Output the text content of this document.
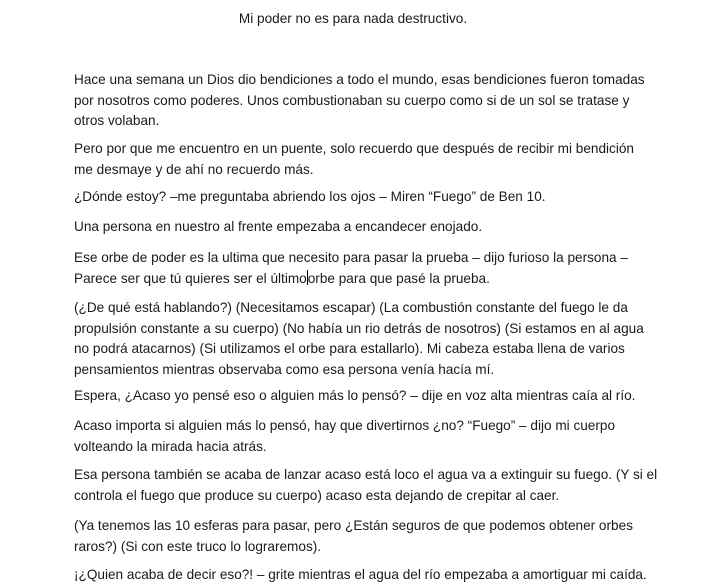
Mi poder no es para nada destructivo.

Hace una semana un Dios dio bendiciones a todo el mundo, esas bendiciones fueron tomadas
por nosotros como poderes. Unos combustionaban su cuerpo como si de un sol se tratase y
otros volaban.

Pero por que me encuentro en un puente, solo recuerdo que después de recibir mi bendición
me desmaye y de ahí no recuerdo más.

¿Dónde estoy? –me preguntaba abriendo los ojos – Miren “Fuego” de Ben 10.

Una persona en nuestro al frente empezaba a encandecer enojado.

Ese orbe de poder es la ultima que necesito para pasar la prueba – dijo furioso la persona –
Parece ser que tú quieres ser el últimoorbe para que pasé la prueba.

(¿De qué está hablando?) (Necesitamos escapar) (La combustión constante del fuego le da
propulsión constante a su cuerpo) (No había un rio detrás de nosotros) (Si estamos en al agua
no podrá atacarnos) (Si utilizamos el orbe para estallarlo). Mi cabeza estaba llena de varios
pensamientos mientras observaba como esa persona venía hacía mí.

Espera, ¿Acaso yo pensé eso o alguien más lo pensó? – dije en voz alta mientras caía al río.

Acaso importa si alguien más lo pensó, hay que divertirnos ¿no? “Fuego” – dijo mi cuerpo
volteando la mirada hacia atrás.

Esa persona también se acaba de lanzar acaso está loco el agua va a extinguir su fuego. (Y si el
controla el fuego que produce su cuerpo) acaso esta dejando de crepitar al caer.

(Ya tenemos las 10 esferas para pasar, pero ¿Están seguros de que podemos obtener orbes
raros?) (Si con este truco lo lograremos).

¡¿Quien acaba de decir eso?! – grite mientras el agua del río empezaba a amortiguar mi caída.
